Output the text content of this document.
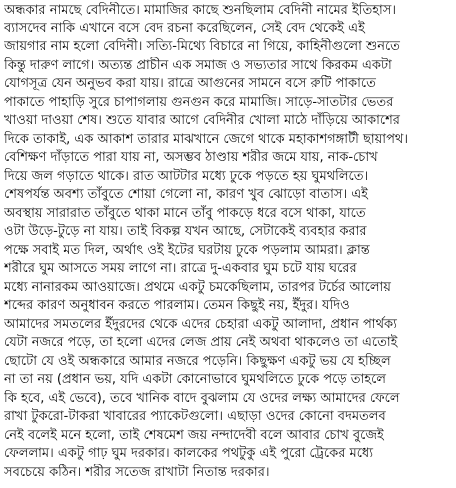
অন্ধকার নামছে বেদিনীতে। মামাজির কাছে শুনছিলাম বেদিনী নামের ইতিহাস।
ব্যাসদেব নাকি এখানে বসে বেদ রচনা করেছিলেন, সেই বেদ থেকেই এই
জায়গার নাম হলো বেদিনী। সত্যি-মিথ্যে বিচারে না গিয়ে, কাহিনীগুলো শুনতে
কিন্তু দারুণ লাগে। অত্যন্ত প্রাচীন এক সমাজ ও সভ্যতার সাথে কিরকম একটা
যোগসূত্র যেন অনুভব করা যায়। রাত্রে আগুনের সামনে বসে রুটি পাকাতে
পাকাতে পাহাড়ি সুরে চাপাগলায় গুনগুন করে মামাজি। সাড়ে-সাতটার ভেতর
খাওয়া দাওয়া শেষ। শুতে যাবার আগে বেদিনীর খোলা মাঠে দাঁড়িয়ে আকাশের
দিকে তাকাই, এক আকাশ তারার মাঝখানে জেগে থাকে মহাকাশগঙ্গাটী ছায়াপথ।
বেশিক্ষণ দাঁড়াতে পারা যায় না, অসম্ভব ঠাণ্ডায় শরীর জমে যায়, নাক-চোখ
দিয়ে জল গড়াতে থাকে। রাত আটটার মধ্যে ঢুকে পড়তে হয় ঘুমথলিতে।
শেষপর্যন্ত অবশ্য তাঁবুতে শোয়া গেলো না, কারণ খুব ঝোড়ো বাতাস। এই
অবস্থায় সারারাত তাঁবুতে থাকা মানে তাঁবু পাকড়ে ধরে বসে থাকা, যাতে
ওটা উড়ে-টুড়ে না যায়। তাই বিকল্প যখন আছে, সেটাকেই ব্যবহার করার
পক্ষে সবাই মত দিল, অর্থাৎ ওই ইটের ঘরটায় ঢুকে পড়লাম আমরা। ক্লান্ত
শরীরে ঘুম আসতে সময় লাগে না। রাত্রে দু-একবার ঘুম চটে যায় ঘরের
মধ্যে নানারকম আওয়াজে। প্রথমে একটু চমকেছিলাম, তারপর টর্চের আলোয়
শব্দের কারণ অনুধাবন করতে পারলাম। তেমন কিছুই নয়, ইঁদুর। যদিও
আমাদের সমতলের ইঁদুরদের থেকে এদের চেহারা একটু আলাদা, প্রধান পার্থক্য
যেটা নজরে পড়ে, তা হলো এদের লেজ প্রায় নেই অথবা থাকলেও তা এতোই
ছোটো যে ওই অন্ধকারে আমার নজরে পড়েনি। কিছুক্ষণ একটু ভয় যে হচ্ছিল
না তা নয় (প্রধান ভয়, যদি একটা কোনোভাবে ঘুমথলিতে ঢুকে পড়ে তাহলে
কি হবে, এই ভেবে), তবে খানিক বাদে বুঝলাম যে ওদের লক্ষ্য আমাদের ফেলে
রাখা টুকরো-টাকরা খাবারের প্যাকেটগুলো। এছাড়া ওদের কোনো বদমতলব
নেই বলেই মনে হলো, তাই শেষমেশ জয় নন্দাদেবী বলে আবার চোখ বুজেই
ফেললাম। একটু গাঢ় ঘুম দরকার। কালকের পথটুকু এই পুরো ট্রেকের মধ্যে
সবচেয়ে কঠিন। শরীর সতেজ রাখাটা নিতান্ত দরকার।
